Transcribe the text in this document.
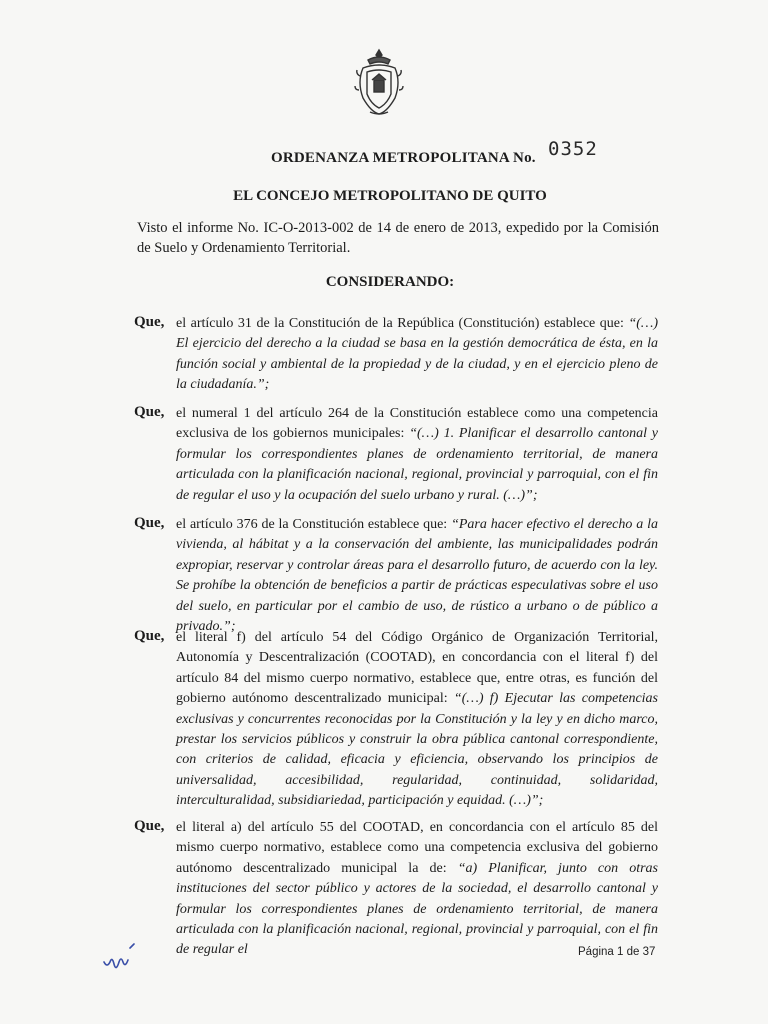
ORDENANZA METROPOLITANA No. 0352
EL CONCEJO METROPOLITANO DE QUITO
Visto el informe No. IC-O-2013-002 de 14 de enero de 2013, expedido por la Comisión de Suelo y Ordenamiento Territorial.
CONSIDERANDO:
Que, el artículo 31 de la Constitución de la República (Constitución) establece que: “(…) El ejercicio del derecho a la ciudad se basa en la gestión democrática de ésta, en la función social y ambiental de la propiedad y de la ciudad, y en el ejercicio pleno de la ciudadanía.”;
Que, el numeral 1 del artículo 264 de la Constitución establece como una competencia exclusiva de los gobiernos municipales: “(…) 1. Planificar el desarrollo cantonal y formular los correspondientes planes de ordenamiento territorial, de manera articulada con la planificación nacional, regional, provincial y parroquial, con el fin de regular el uso y la ocupación del suelo urbano y rural. (…)”;
Que, el artículo 376 de la Constitución establece que: “Para hacer efectivo el derecho a la vivienda, al hábitat y a la conservación del ambiente, las municipalidades podrán expropiar, reservar y controlar áreas para el desarrollo futuro, de acuerdo con la ley. Se prohíbe la obtención de beneficios a partir de prácticas especulativas sobre el uso del suelo, en particular por el cambio de uso, de rústico a urbano o de público a privado.”;
Que, el literal f) del artículo 54 del Código Orgánico de Organización Territorial, Autonomía y Descentralización (COOTAD), en concordancia con el literal f) del artículo 84 del mismo cuerpo normativo, establece que, entre otras, es función del gobierno autónomo descentralizado municipal: “(…) f) Ejecutar las competencias exclusivas y concurrentes reconocidas por la Constitución y la ley y en dicho marco, prestar los servicios públicos y construir la obra pública cantonal correspondiente, con criterios de calidad, eficacia y eficiencia, observando los principios de universalidad, accesibilidad, regularidad, continuidad, solidaridad, interculturalidad, subsidiariedad, participación y equidad. (…)”;
Que, el literal a) del artículo 55 del COOTAD, en concordancia con el artículo 85 del mismo cuerpo normativo, establece como una competencia exclusiva del gobierno autónomo descentralizado municipal la de: “a) Planificar, junto con otras instituciones del sector público y actores de la sociedad, el desarrollo cantonal y formular los correspondientes planes de ordenamiento territorial, de manera articulada con la planificación nacional, regional, provincial y parroquial, con el fin de regular el	Página 1 de 37
